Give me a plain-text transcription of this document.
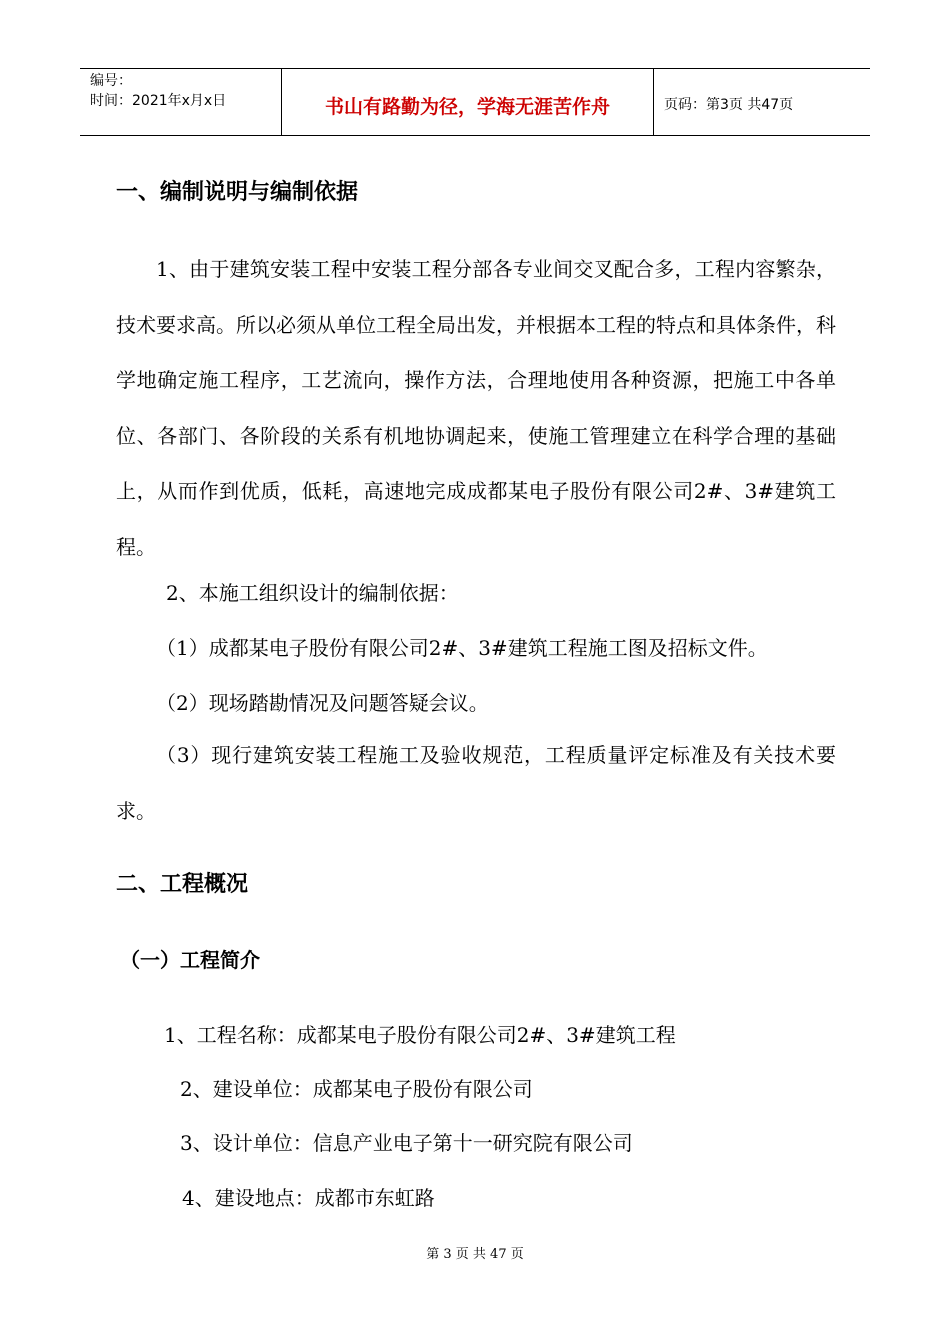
编号：
时间：2021年x月x日	书山有路勤为径，学海无涯苦作舟	页码：第3页 共47页
一、编制说明与编制依据
1、由于建筑安装工程中安装工程分部各专业间交叉配合多，工程内容繁杂，技术要求高。所以必须从单位工程全局出发，并根据本工程的特点和具体条件，科学地确定施工程序，工艺流向，操作方法，合理地使用各种资源，把施工中各单位、各部门、各阶段的关系有机地协调起来，使施工管理建立在科学合理的基础上，从而作到优质，低耗，高速地完成成都某电子股份有限公司2#、3#建筑工程。
2、本施工组织设计的编制依据：
（1）成都某电子股份有限公司2#、3#建筑工程施工图及招标文件。
（2）现场踏勘情况及问题答疑会议。
（3）现行建筑安装工程施工及验收规范，工程质量评定标准及有关技术要求。
二、工程概况
（一）工程简介
1、工程名称：成都某电子股份有限公司2#、3#建筑工程
2、建设单位：成都某电子股份有限公司
3、设计单位：信息产业电子第十一研究院有限公司
4、建设地点：成都市东虹路
第 3 页 共 47 页
